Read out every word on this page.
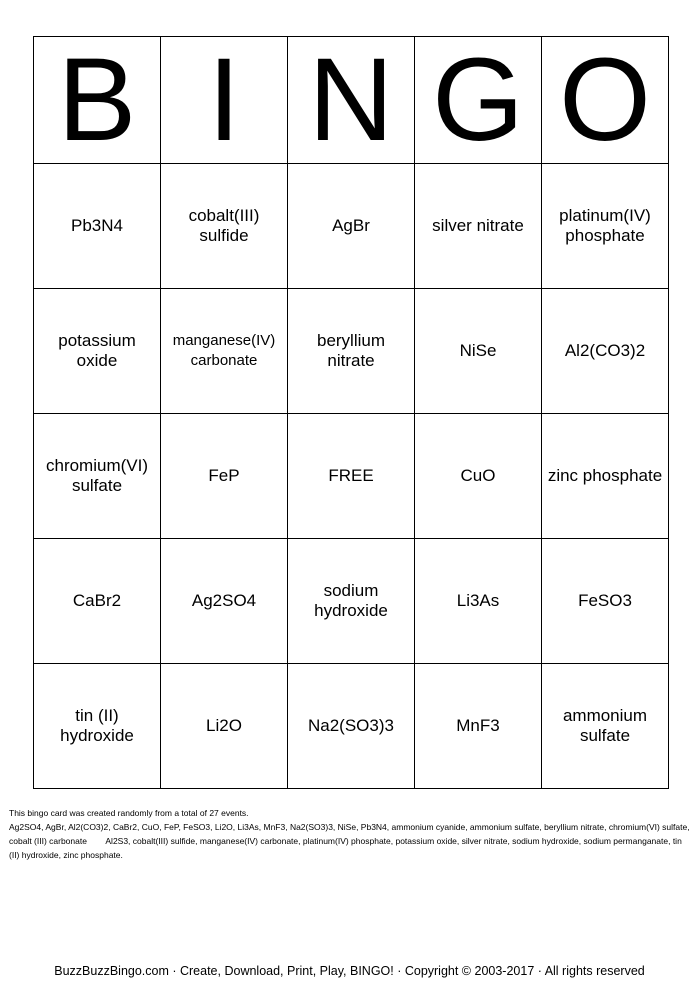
B	I	N	G	O
Pb3N4	cobalt(III) sulfide	AgBr	silver nitrate	platinum(IV) phosphate
potassium oxide	manganese(IV) carbonate	beryllium nitrate	NiSe	Al2(CO3)2
chromium(VI) sulfate	FeP	FREE	CuO	zinc phosphate
CaBr2	Ag2SO4	sodium hydroxide	Li3As	FeSO3
tin (II) hydroxide	Li2O	Na2(SO3)3	MnF3	ammonium sulfate

This bingo card was created randomly from a total of 27 events.

Ag2SO4, AgBr, Al2(CO3)2, CaBr2, CuO, FeP, FeSO3, Li2O, Li3As, MnF3, Na2(SO3)3, NiSe, Pb3N4, ammonium cyanide, ammonium sulfate, beryllium nitrate, chromium(VI) sulfate, cobalt (III) carbonate        Al2S3, cobalt(III) sulfide, manganese(IV) carbonate, platinum(IV) phosphate, potassium oxide, silver nitrate, sodium hydroxide, sodium permanganate, tin (II) hydroxide, zinc phosphate.

BuzzBuzzBingo.com · Create, Download, Print, Play, BINGO! · Copyright © 2003-2017 · All rights reserved
